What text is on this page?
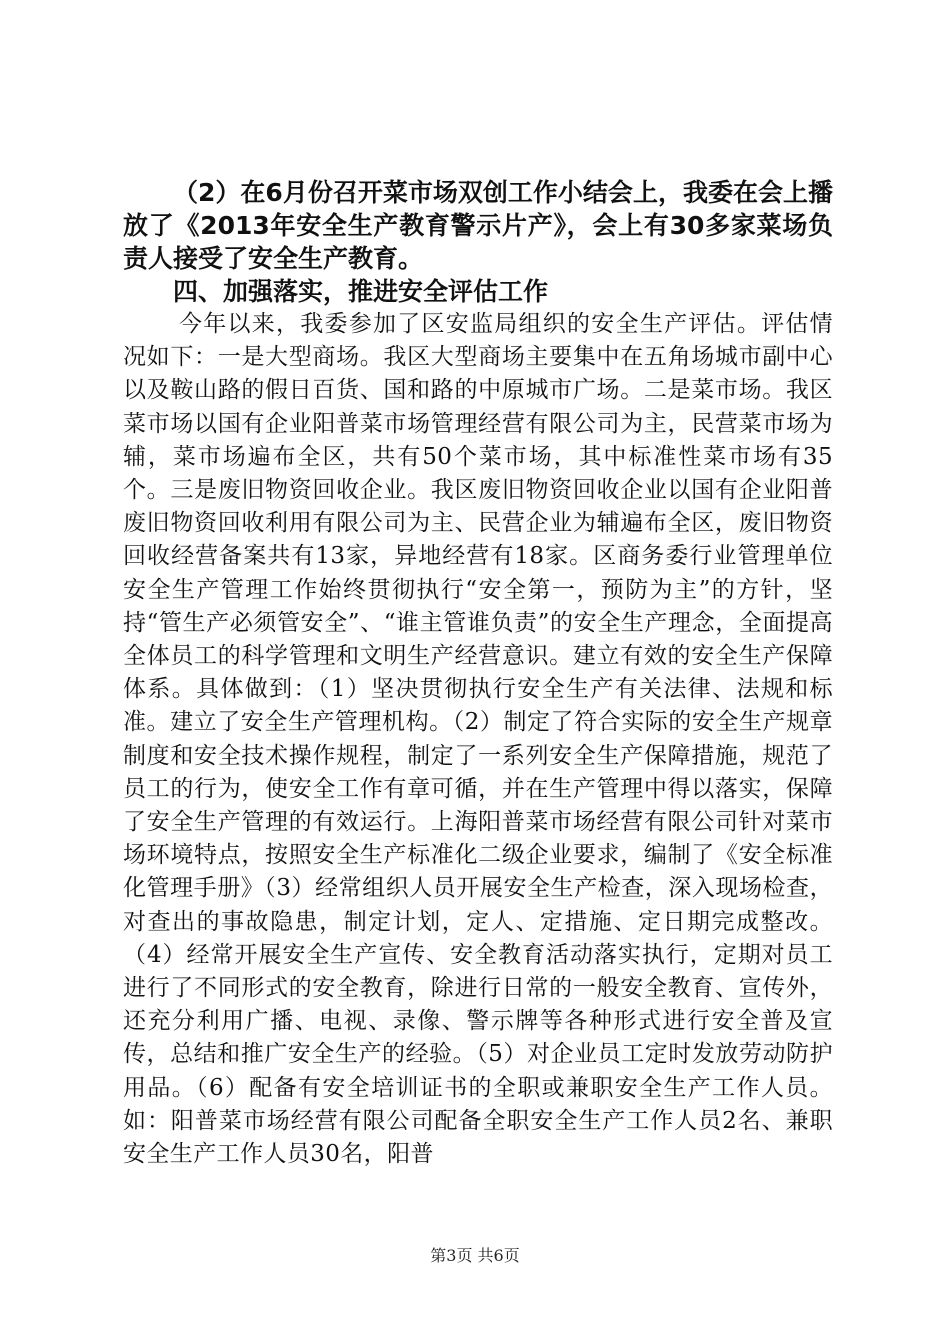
（2）在6月份召开菜市场双创工作小结会上，我委在会上播放了《2013年安全生产教育警示片产》，会上有30多家菜场负责人接受了安全生产教育。

四、加强落实，推进安全评估工作

今年以来，我委参加了区安监局组织的安全生产评估。评估情况如下：一是大型商场。我区大型商场主要集中在五角场城市副中心以及鞍山路的假日百货、国和路的中原城市广场。二是菜市场。我区菜市场以国有企业阳普菜市场管理经营有限公司为主，民营菜市场为辅，菜市场遍布全区，共有50个菜市场，其中标准性菜市场有35个。三是废旧物资回收企业。我区废旧物资回收企业以国有企业阳普废旧物资回收利用有限公司为主、民营企业为辅遍布全区，废旧物资回收经营备案共有13家，异地经营有18家。区商务委行业管理单位安全生产管理工作始终贯彻执行“安全第一，预防为主”的方针，坚持“管生产必须管安全”、“谁主管谁负责”的安全生产理念，全面提高全体员工的科学管理和文明生产经营意识。建立有效的安全生产保障体系。具体做到：（1）坚决贯彻执行安全生产有关法律、法规和标准。建立了安全生产管理机构。（2）制定了符合实际的安全生产规章制度和安全技术操作规程，制定了一系列安全生产保障措施，规范了员工的行为，使安全工作有章可循，并在生产管理中得以落实，保障了安全生产管理的有效运行。上海阳普菜市场经营有限公司针对菜市场环境特点，按照安全生产标准化二级企业要求，编制了《安全标准化管理手册》（3）经常组织人员开展安全生产检查，深入现场检查，对查出的事故隐患，制定计划，定人、定措施、定日期完成整改。（4）经常开展安全生产宣传、安全教育活动落实执行，定期对员工进行了不同形式的安全教育，除进行日常的一般安全教育、宣传外，还充分利用广播、电视、录像、警示牌等各种形式进行安全普及宣传，总结和推广安全生产的经验。（5）对企业员工定时发放劳动防护用品。（6）配备有安全培训证书的全职或兼职安全生产工作人员。如：阳普菜市场经营有限公司配备全职安全生产工作人员2名、兼职安全生产工作人员30名，阳普

第3页 共6页
